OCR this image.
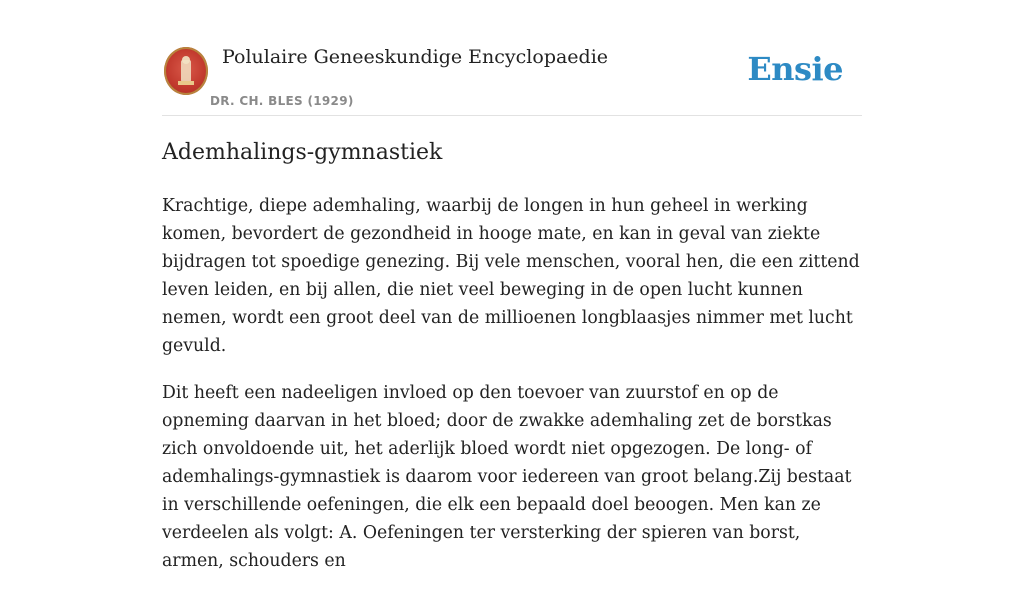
Polulaire Geneeskundige Encyclopaedie
DR. CH. BLES (1929)
Ensie
Ademhalings-gymnastiek

Krachtige, diepe ademhaling, waarbij de longen in hun geheel in werking komen, bevordert de gezondheid in hooge mate, en kan in geval van ziekte bijdragen tot spoedige genezing. Bij vele menschen, vooral hen, die een zittend leven leiden, en bij allen, die niet veel beweging in de open lucht kunnen nemen, wordt een groot deel van de millioenen longblaasjes nimmer met lucht gevuld.

Dit heeft een nadeeligen invloed op den toevoer van zuurstof en op de opneming daarvan in het bloed; door de zwakke ademhaling zet de borstkas zich onvoldoende uit, het aderlijk bloed wordt niet opgezogen. De long- of ademhalings-gymnastiek is daarom voor iedereen van groot belang.Zij bestaat in verschillende oefeningen, die elk een bepaald doel beoogen. Men kan ze verdeelen als volgt: A. Oefeningen ter versterking der spieren van borst, armen, schouders en
